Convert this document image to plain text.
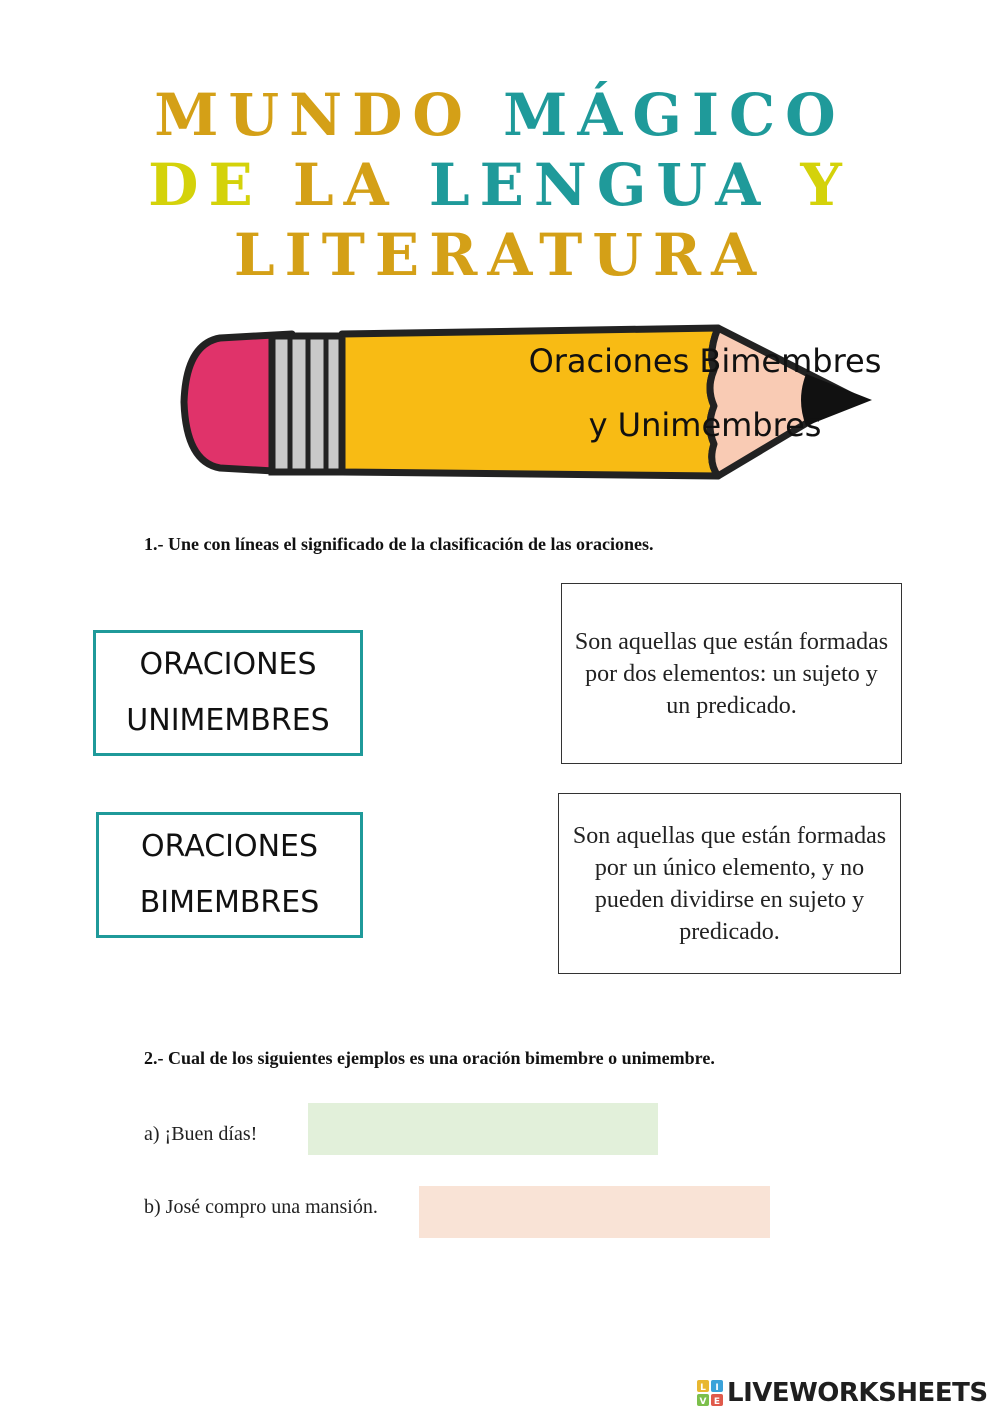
MUNDO MÁGICO
DE LA LENGUA Y
LITERATURA
Oraciones Bimembres
y Unimembres
1.- Une con líneas el significado de la clasificación de las oraciones.
ORACIONES
UNIMEMBRES
ORACIONES
BIMEMBRES
Son aquellas que están formadas por dos elementos: un sujeto y un predicado.
Son aquellas que están formadas por un único elemento, y no pueden dividirse en sujeto y predicado.
2.- Cual de los siguientes ejemplos es una oración bimembre o unimembre.
a) ¡Buen días!
b) José compro una mansión.
L I
V E LIVEWORKSHEETS
